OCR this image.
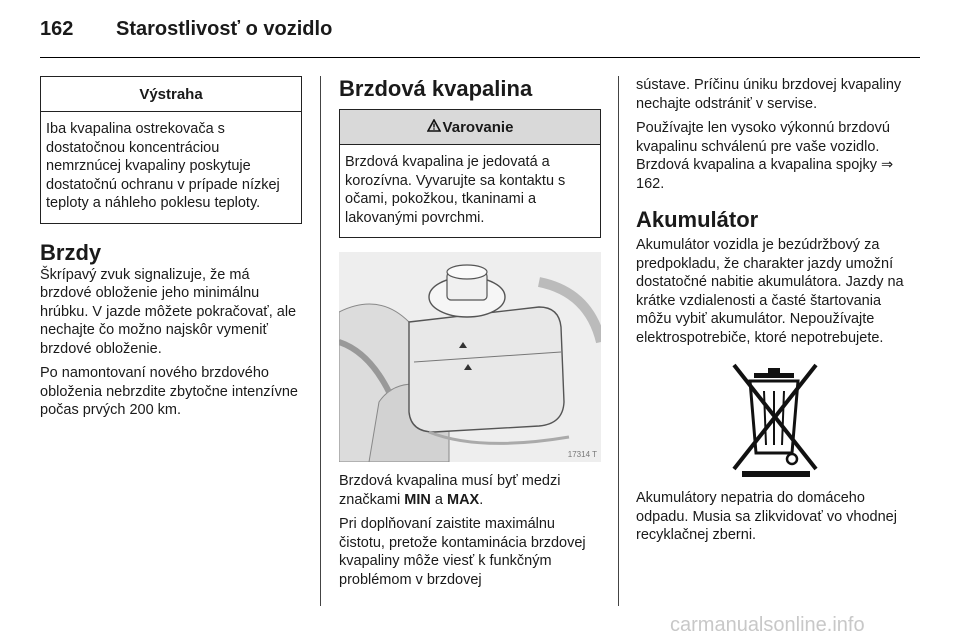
162 Starostlivosť o vozidlo
Výstraha
Iba kvapalina ostrekovača s dostatočnou koncentráciou nemrznúcej kvapaliny poskytuje dostatočnú ochranu v prípade nízkej teploty a náhleho poklesu teploty.
Brzdy

Škrípavý zvuk signalizuje, že má brzdové obloženie jeho minimálnu hrúbku. V jazde môžete pokračovať, ale nechajte čo možno najskôr vymeniť brzdové obloženie.

Po namontovaní nového brzdového obloženia nebrzdite zbytočne intenzívne počas prvých 200 km.

Brzdová kvapalina
Varovanie
Brzdová kvapalina je jedovatá a korozívna. Vyvarujte sa kontaktu s očami, pokožkou, tkaninami a lakovanými povrchmi.
17314 T

Brzdová kvapalina musí byť medzi značkami MIN a MAX.

Pri doplňovaní zaistite maximálnu čistotu, pretože kontaminácia brzdovej kvapaliny môže viesť k funkčným problémom v brzdovej

sústave. Príčinu úniku brzdovej kvapaliny nechajte odstrániť v servise.

Používajte len vysoko výkonnú brzdovú kvapalinu schválenú pre vaše vozidlo. Brzdová kvapalina a kvapalina spojky ⇒ 162.

Akumulátor

Akumulátor vozidla je bezúdržbový za predpokladu, že charakter jazdy umožní dostatočné nabitie akumulátora. Jazdy na krátke vzdialenosti a časté štartovania môžu vybiť akumulátor. Nepoužívajte elektrospotrebiče, ktoré nepotrebujete.

Akumulátory nepatria do domáceho odpadu. Musia sa zlikvidovať vo vhodnej recyklačnej zberni.

carmanualsonline.info
